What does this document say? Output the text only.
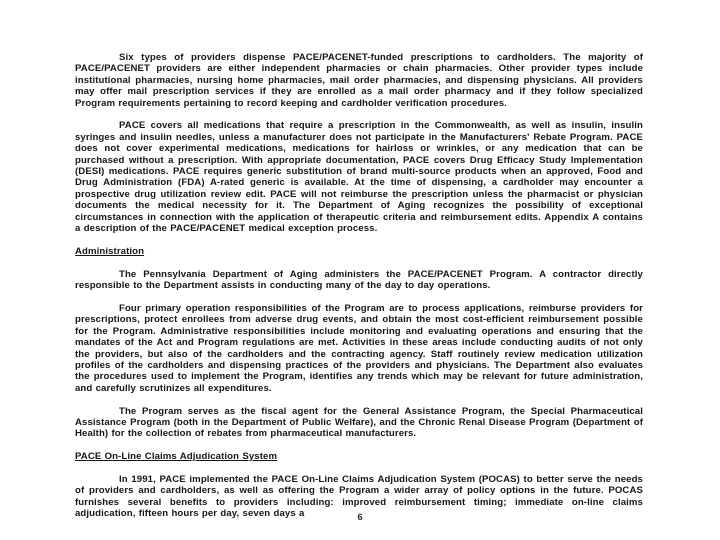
Six types of providers dispense PACE/PACENET-funded prescriptions to cardholders. The majority of PACE/PACENET providers are either independent pharmacies or chain pharmacies. Other provider types include institutional pharmacies, nursing home pharmacies, mail order pharmacies, and dispensing physicians. All providers may offer mail prescription services if they are enrolled as a mail order pharmacy and if they follow specialized Program requirements pertaining to record keeping and cardholder verification procedures.

PACE covers all medications that require a prescription in the Commonwealth, as well as insulin, insulin syringes and insulin needles, unless a manufacturer does not participate in the Manufacturers' Rebate Program. PACE does not cover experimental medications, medications for hairloss or wrinkles, or any medication that can be purchased without a prescription. With appropriate documentation, PACE covers Drug Efficacy Study Implementation (DESI) medications. PACE requires generic substitution of brand multi-source products when an approved, Food and Drug Administration (FDA) A-rated generic is available. At the time of dispensing, a cardholder may encounter a prospective drug utilization review edit. PACE will not reimburse the prescription unless the pharmacist or physician documents the medical necessity for it. The Department of Aging recognizes the possibility of exceptional circumstances in connection with the application of therapeutic criteria and reimbursement edits. Appendix A contains a description of the PACE/PACENET medical exception process.

Administration

The Pennsylvania Department of Aging administers the PACE/PACENET Program. A contractor directly responsible to the Department assists in conducting many of the day to day operations.

Four primary operation responsibilities of the Program are to process applications, reimburse providers for prescriptions, protect enrollees from adverse drug events, and obtain the most cost-efficient reimbursement possible for the Program. Administrative responsibilities include monitoring and evaluating operations and ensuring that the mandates of the Act and Program regulations are met. Activities in these areas include conducting audits of not only the providers, but also of the cardholders and the contracting agency. Staff routinely review medication utilization profiles of the cardholders and dispensing practices of the providers and physicians. The Department also evaluates the procedures used to implement the Program, identifies any trends which may be relevant for future administration, and carefully scrutinizes all expenditures.

The Program serves as the fiscal agent for the General Assistance Program, the Special Pharmaceutical Assistance Program (both in the Department of Public Welfare), and the Chronic Renal Disease Program (Department of Health) for the collection of rebates from pharmaceutical manufacturers.

PACE On-Line Claims Adjudication System

In 1991, PACE implemented the PACE On-Line Claims Adjudication System (POCAS) to better serve the needs of providers and cardholders, as well as offering the Program a wider array of policy options in the future. POCAS furnishes several benefits to providers including: improved reimbursement timing; immediate on-line claims adjudication, fifteen hours per day, seven days a	6
